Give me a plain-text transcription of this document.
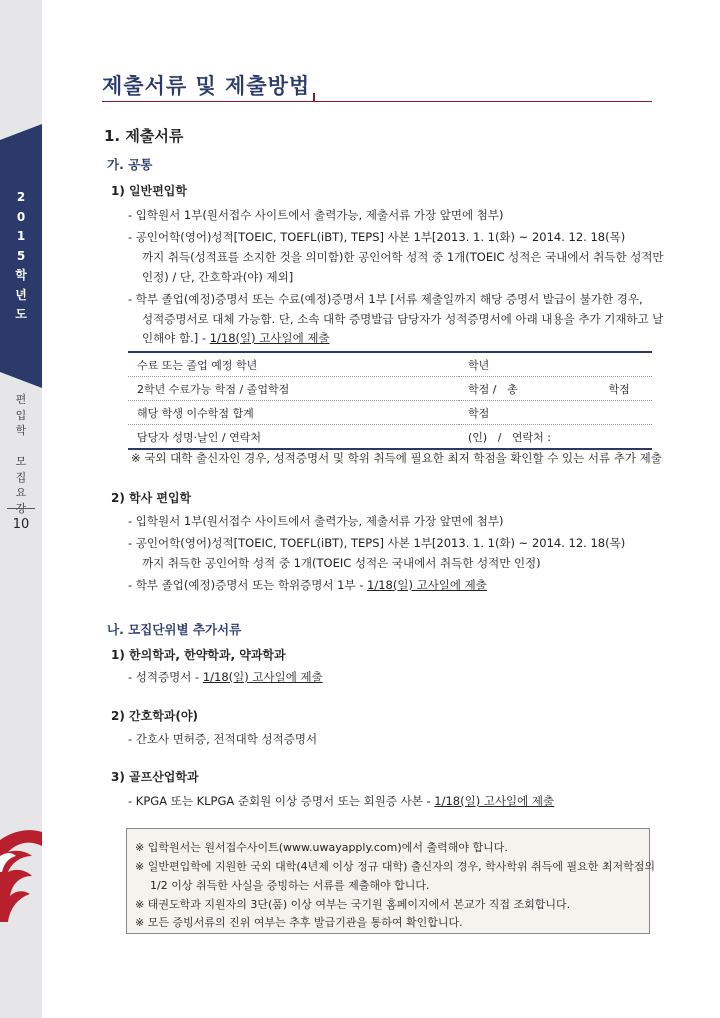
2
0
1
5
학
년
도
편
입
학

모
집
요
강
10
제출서류 및 제출방법
1. 제출서류
가. 공통
1) 일반편입학
- 입학원서 1부(원서접수 사이트에서 출력가능, 제출서류 가장 앞면에 첨부)
- 공인어학(영어)성적[TOEIC, TOEFL(iBT), TEPS] 사본 1부[2013. 1. 1(화) ~ 2014. 12. 18(목)
까지 취득(성적표를 소지한 것을 의미함)한 공인어학 성적 중 1개(TOEIC 성적은 국내에서 취득한 성적만
인정) / 단, 간호학과(야) 제외]
- 학부 졸업(예정)증명서 또는 수료(예정)증명서 1부 [서류 제출일까지 해당 증명서 발급이 불가한 경우,
성적증명서로 대체 가능함. 단, 소속 대학 증명발급 담당자가 성적증명서에 아래 내용을 추가 기재하고 날
인해야 함.] - 1/18(일) 고사일에 제출
수료 또는 졸업 예정 학년	학년
2학년 수료가능 학점 / 졸업학점	학점 /   총                          학점
해당 학생 이수학점 합계	학점
담당자 성명·날인 / 연락처	(인)   /   연락처 :
※ 국외 대학 출신자인 경우, 성적증명서 및 학위 취득에 필요한 최저 학점을 확인할 수 있는 서류 추가 제출
2) 학사 편입학
- 입학원서 1부(원서접수 사이트에서 출력가능, 제출서류 가장 앞면에 첨부)
- 공인어학(영어)성적[TOEIC, TOEFL(iBT), TEPS] 사본 1부[2013. 1. 1(화) ~ 2014. 12. 18(목)
까지 취득한 공인어학 성적 중 1개(TOEIC 성적은 국내에서 취득한 성적만 인정)
- 학부 졸업(예정)증명서 또는 학위증명서 1부 - 1/18(일) 고사일에 제출
나. 모집단위별 추가서류
1) 한의학과, 한약학과, 약과학과
- 성적증명서 - 1/18(일) 고사일에 제출
2) 간호학과(야)
- 간호사 면허증, 전적대학 성적증명서
3) 골프산업학과
- KPGA 또는 KLPGA 준회원 이상 증명서 또는 회원증 사본 - 1/18(일) 고사일에 제출
※ 입학원서는 원서접수사이트(www.uwayapply.com)에서 출력해야 합니다.
※ 일반편입학에 지원한 국외 대학(4년제 이상 정규 대학) 출신자의 경우, 학사학위 취득에 필요한 최저학점의
1/2 이상 취득한 사실을 증빙하는 서류를 제출해야 합니다.
※ 태권도학과 지원자의 3단(품) 이상 여부는 국기원 홈페이지에서 본교가 직접 조회합니다.
※ 모든 증빙서류의 진위 여부는 추후 발급기관을 통하여 확인합니다.
